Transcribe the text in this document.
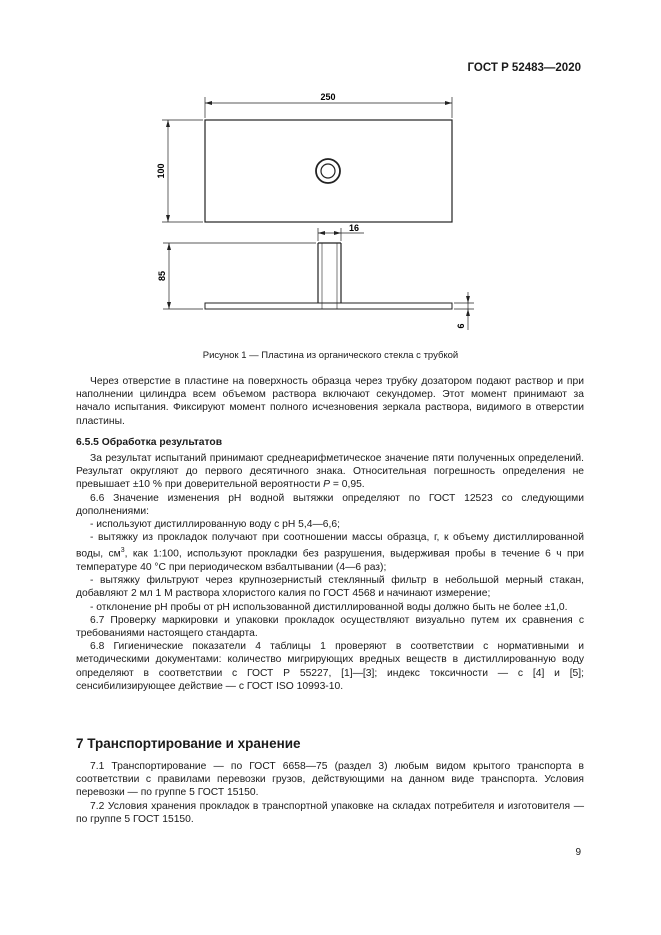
ГОСТ Р 52483—2020
250
100
16
85
6
Рисунок 1 — Пластина из органического стекла с трубкой

Через отверстие в пластине на поверхность образца через трубку дозатором подают раствор и при наполнении цилиндра всем объемом раствора включают секундомер. Этот момент принимают за начало испытания. Фиксируют момент полного исчезновения зеркала раствора, видимого в отверстии пластины.

6.5.5 Обработка результатов

За результат испытаний принимают среднеарифметическое значение пяти полученных определений. Результат округляют до первого десятичного знака. Относительная погрешность определения не превышает ±10 % при доверительной вероятности P = 0,95.

6.6 Значение изменения pH водной вытяжки определяют по ГОСТ 12523 со следующими дополнениями:

- используют дистиллированную воду с pH 5,4—6,6;

- вытяжку из прокладок получают при соотношении массы образца, г, к объему дистиллированной воды, $см^3$, как 1:100, используют прокладки без разрушения, выдерживая пробы в течение 6 ч при температуре 40 °С при периодическом взбалтывании (4—6 раз);

- вытяжку фильтруют через крупнозернистый стеклянный фильтр в небольшой мерный стакан, добавляют 2 мл 1 М раствора хлористого калия по ГОСТ 4568 и начинают измерение;

- отклонение pH пробы от pH использованной дистиллированной воды должно быть не более ±1,0.

6.7 Проверку маркировки и упаковки прокладок осуществляют визуально путем их сравнения с требованиями настоящего стандарта.

6.8 Гигиенические показатели 4 таблицы 1 проверяют в соответствии с нормативными и методическими документами: количество мигрирующих вредных веществ в дистиллированную воду определяют в соответствии с ГОСТ Р 55227, [1]—[3]; индекс токсичности — с [4] и [5]; сенсибилизирующее действие — с ГОСТ ISO 10993-10.

7 Транспортирование и хранение

7.1 Транспортирование — по ГОСТ 6658—75 (раздел 3) любым видом крытого транспорта в соответствии с правилами перевозки грузов, действующими на данном виде транспорта. Условия перевозки — по группе 5 ГОСТ 15150.

7.2 Условия хранения прокладок в транспортной упаковке на складах потребителя и изготовителя — по группе 5 ГОСТ 15150.

9
